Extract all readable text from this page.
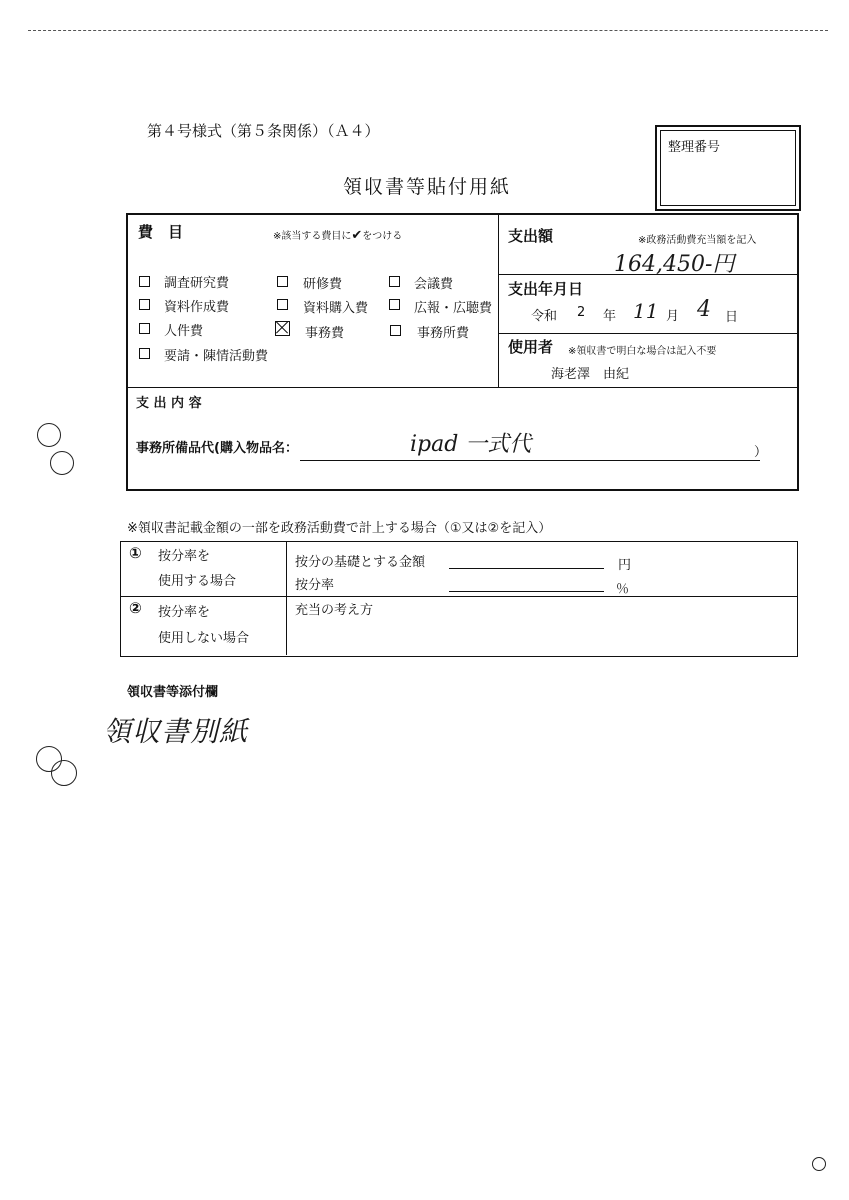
第４号様式（第５条関係）（Ａ４）
整理番号
領収書等貼付用紙
費　目	※該当する費目に✔をつける
調査研究費	研修費	会議費
資料作成費	資料購入費	広報・広聴費
人件費	事務費	事務所費
要請・陳情活動費
支出額	※政務活動費充当額を記入
164,450-円
支出年月日
令和 2 年 11 月 4 日
使用者 ※領収書で明白な場合は記入不要
海老澤　由紀
支 出 内 容
事務所備品代(購入物品名：	ipad 一式代	）
※領収書記載金額の一部を政務活動費で計上する場合（①又は②を記入）
① 按分率を
使用する場合
按分の基礎とする金額	円
按分率	％
② 按分率を
使用しない場合
充当の考え方
領収書等添付欄
領収書別紙
